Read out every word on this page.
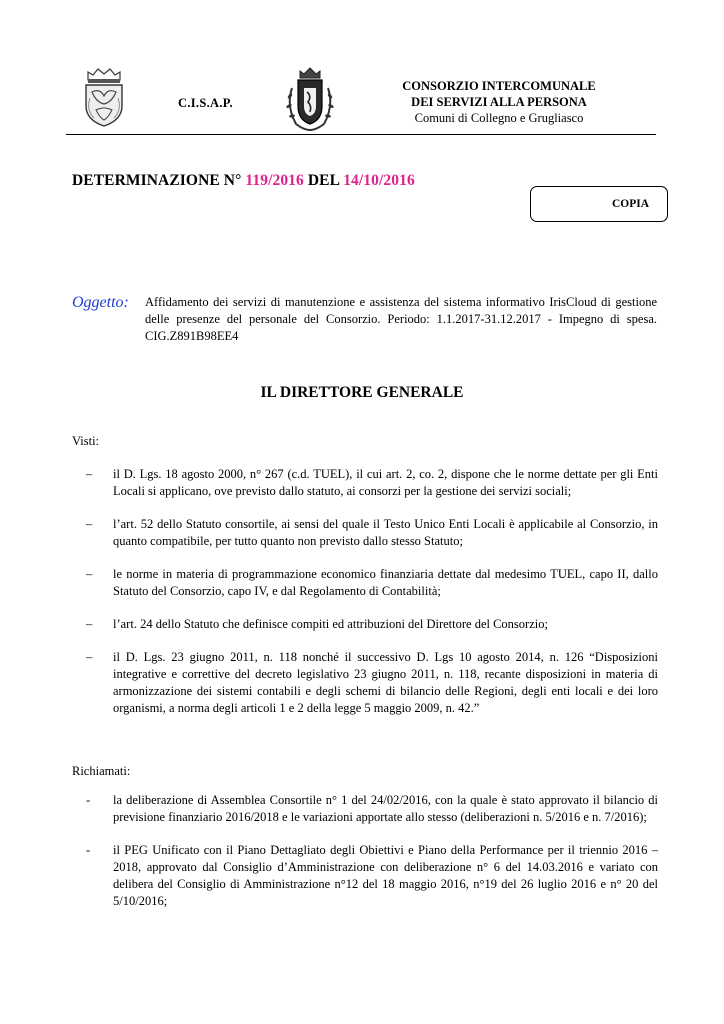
C.I.S.A.P.
CONSORZIO INTERCOMUNALE
DEI SERVIZI ALLA PERSONA
Comuni di Collegno e Grugliasco
DETERMINAZIONE N° 119/2016 DEL 14/10/2016
COPIA
Oggetto: Affidamento dei servizi di manutenzione e assistenza del sistema informativo IrisCloud di gestione delle presenze del personale del Consorzio. Periodo: 1.1.2017-31.12.2017 - Impegno di spesa. CIG.Z891B98EE4
IL DIRETTORE GENERALE
Visti:
– il D. Lgs. 18 agosto 2000, n° 267 (c.d. TUEL), il cui art. 2, co. 2, dispone che le norme dettate per gli Enti Locali si applicano, ove previsto dallo statuto, ai consorzi per la gestione dei servizi sociali;
– l’art. 52 dello Statuto consortile, ai sensi del quale il Testo Unico Enti Locali è applicabile al Consorzio, in quanto compatibile, per tutto quanto non previsto dallo stesso Statuto;
– le norme in materia di programmazione economico finanziaria dettate dal medesimo TUEL, capo II, dallo Statuto del Consorzio, capo IV, e dal Regolamento di Contabilità;
– l’art. 24 dello Statuto che definisce compiti ed attribuzioni del Direttore del Consorzio;
– il D. Lgs. 23 giugno 2011, n. 118 nonché il successivo D. Lgs 10 agosto 2014, n. 126 “Disposizioni integrative e correttive del decreto legislativo 23 giugno 2011, n. 118, recante disposizioni in materia di armonizzazione dei sistemi contabili e degli schemi di bilancio delle Regioni, degli enti locali e dei loro organismi, a norma degli articoli 1 e 2 della legge 5 maggio 2009, n. 42.”
Richiamati:
- la deliberazione di Assemblea Consortile n° 1 del 24/02/2016, con la quale è stato approvato il bilancio di previsione finanziario 2016/2018 e le variazioni apportate allo stesso (deliberazioni n. 5/2016 e n. 7/2016);
- il PEG Unificato con il Piano Dettagliato degli Obiettivi e Piano della Performance per il triennio 2016 – 2018, approvato dal Consiglio d’Amministrazione con deliberazione n° 6 del 14.03.2016 e variato con delibera del Consiglio di Amministrazione n°12 del 18 maggio 2016, n°19 del 26 luglio 2016 e n° 20 del 5/10/2016;
